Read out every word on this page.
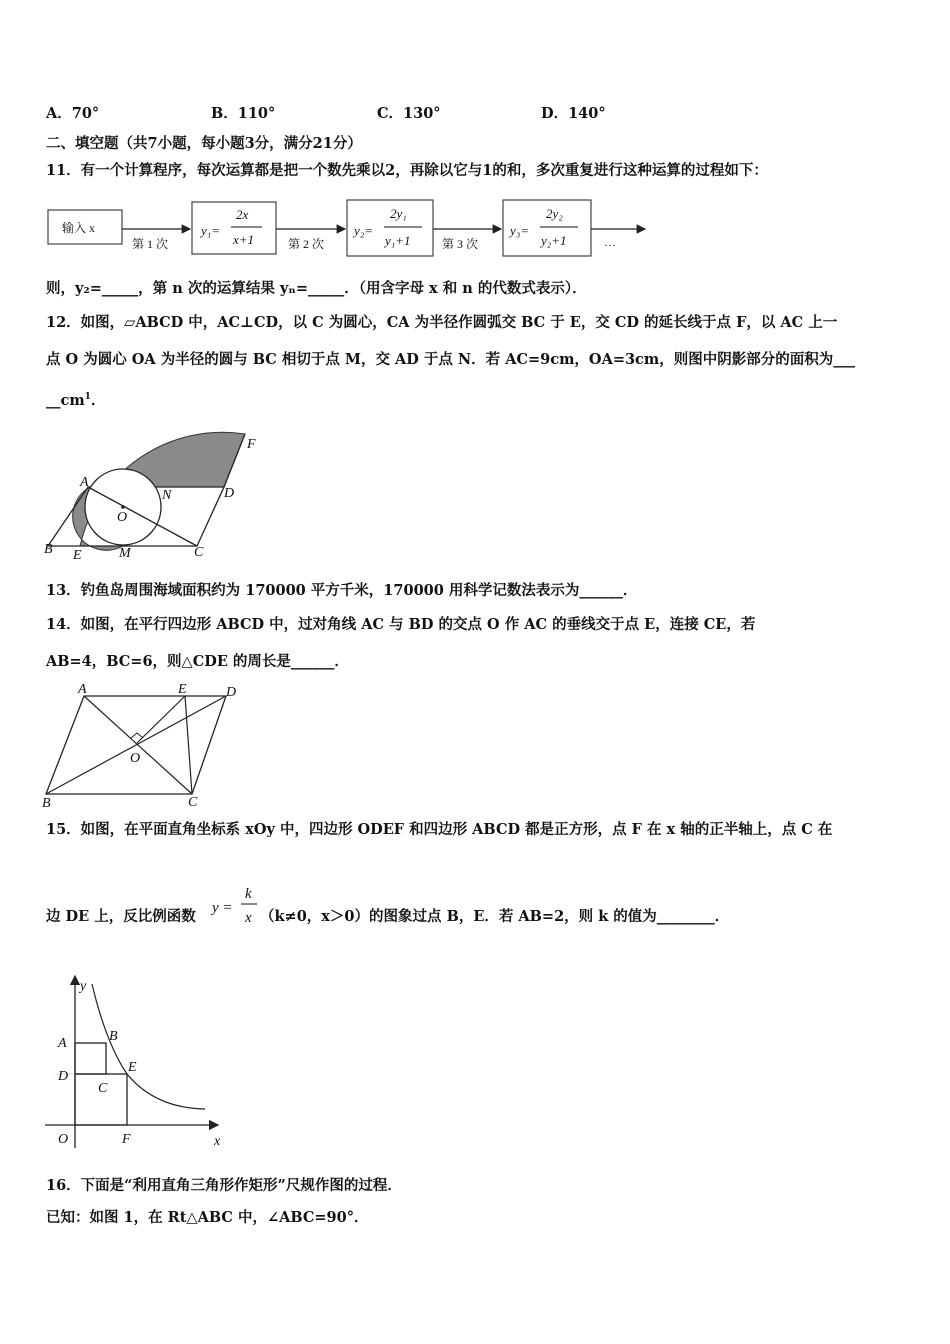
A．70°	B．110°	C．130°	D．140°
二、填空题（共7小题，每小题3分，满分21分）
11．有一个计算程序，每次运算都是把一个数先乘以2，再除以它与1的和，多次重复进行这种运算的过程如下：
输入 x
第 1 次
y₁=
2x
x+1	第 2 次
y₂=
2y₁
y₁+1	第 3 次
y₃=
2y₂
y₂+1	…
则，y₂=_____，第 n 次的运算结果 yₙ=_____．（用含字母 x 和 n 的代数式表示）．
12．如图，▱ABCD 中，AC⊥CD，以 C 为圆心，CA 为半径作圆弧交 BC 于 E，交 CD 的延长线于点 F，以 AC 上一
点 O 为圆心 OA 为半径的圆与 BC 相切于点 M，交 AD 于点 N．若 AC=9cm，OA=3cm，则图中阴影部分的面积为___
$\_\_cm^1$．
A
B	C
D
E
F
M
N
O
13．钓鱼岛周围海域面积约为 170000 平方千米，170000 用科学记数法表示为______．
14．如图，在平行四边形 ABCD 中，过对角线 AC 与 BD 的交点 O 作 AC 的垂线交于点 E，连接 CE，若
AB=4，BC=6，则△CDE 的周长是______．
A
B	C
D
E
O
15．如图，在平面直角坐标系 xOy 中，四边形 ODEF 和四边形 ABCD 都是正方形，点 F 在 x 轴的正半轴上，点 C 在
边 DE 上，反比例函数 y =
k
x （k≠0，x＞0）的图象过点 B，E．若 AB=2，则 k 的值为________．
y
x
A	B
C
D
E
F
O
16．下面是“利用直角三角形作矩形”尺规作图的过程．
已知：如图 1，在 Rt△ABC 中，∠ABC=90°．
